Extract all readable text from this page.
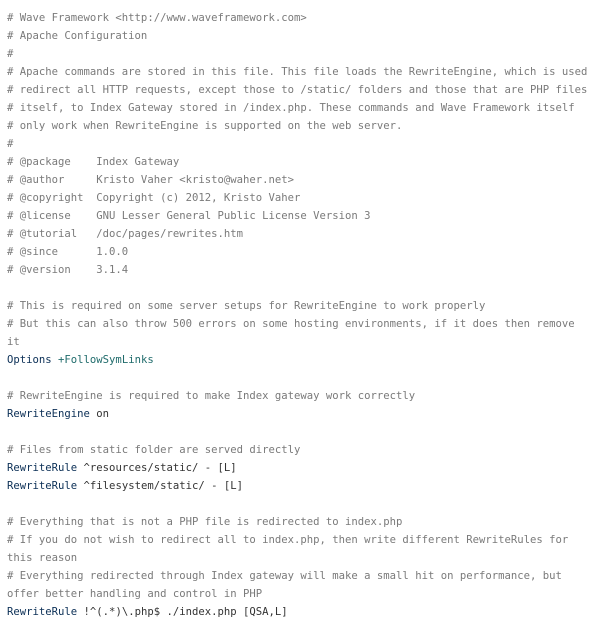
# Wave Framework <http://www.waveframework.com>
# Apache Configuration
#
# Apache commands are stored in this file. This file loads the RewriteEngine, which is used
# redirect all HTTP requests, except those to /static/ folders and those that are PHP files
# itself, to Index Gateway stored in /index.php. These commands and Wave Framework itself
# only work when RewriteEngine is supported on the web server.
#
# @package    Index Gateway
# @author     Kristo Vaher <kristo@waher.net>
# @copyright  Copyright (c) 2012, Kristo Vaher
# @license    GNU Lesser General Public License Version 3
# @tutorial   /doc/pages/rewrites.htm
# @since      1.0.0
# @version    3.1.4

# This is required on some server setups for RewriteEngine to work properly
# But this can also throw 500 errors on some hosting environments, if it does then remove it
Options +FollowSymLinks

# RewriteEngine is required to make Index gateway work correctly
RewriteEngine on

# Files from static folder are served directly
RewriteRule ^resources/static/ - [L]
RewriteRule ^filesystem/static/ - [L]

# Everything that is not a PHP file is redirected to index.php
# If you do not wish to redirect all to index.php, then write different RewriteRules for this reason
# Everything redirected through Index gateway will make a small hit on performance, but offer better handling and control in PHP
RewriteRule !^(.*)\.php$ ./index.php [QSA,L]
